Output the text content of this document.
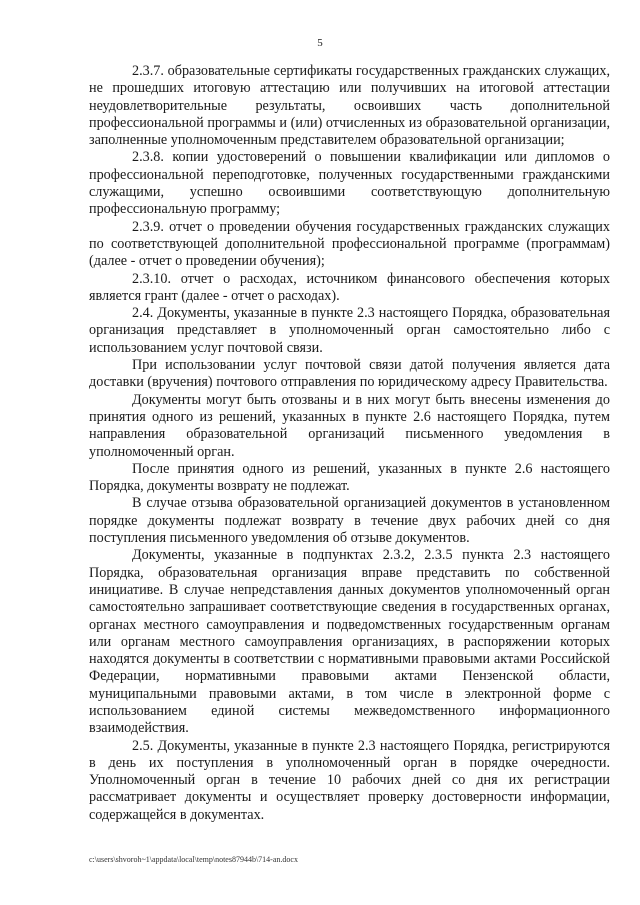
5

2.3.7. образовательные сертификаты государственных гражданских служащих, не прошедших итоговую аттестацию или получивших на итоговой аттестации неудовлетворительные результаты, освоивших часть дополнительной профессиональной программы и (или) отчисленных из образовательной организации, заполненные уполномоченным представителем образовательной организации;

2.3.8. копии удостоверений о повышении квалификации или дипломов о профессиональной переподготовке, полученных государственными гражданскими служащими, успешно освоившими соответствующую дополнительную профессиональную программу;

2.3.9. отчет о проведении обучения государственных гражданских служащих по соответствующей дополнительной профессиональной программе (программам) (далее - отчет о проведении обучения);

2.3.10. отчет о расходах, источником финансового обеспечения которых является грант (далее - отчет о расходах).

2.4. Документы, указанные в пункте 2.3 настоящего Порядка, образовательная организация представляет в уполномоченный орган самостоятельно либо с использованием услуг почтовой связи.

При использовании услуг почтовой связи датой получения является дата доставки (вручения) почтового отправления по юридическому адресу Правительства.

Документы могут быть отозваны и в них могут быть внесены изменения до принятия одного из решений, указанных в пункте 2.6 настоящего Порядка, путем направления образовательной организаций письменного уведомления в уполномоченный орган.

После принятия одного из решений, указанных в пункте 2.6 настоящего Порядка, документы возврату не подлежат.

В случае отзыва образовательной организацией документов в установленном порядке документы подлежат возврату в течение двух рабочих дней со дня поступления письменного уведомления об отзыве документов.

Документы, указанные в подпунктах 2.3.2, 2.3.5 пункта 2.3 настоящего Порядка, образовательная организация вправе представить по собственной инициативе. В случае непредставления данных документов уполномоченный орган самостоятельно запрашивает соответствующие сведения в государственных органах, органах местного самоуправления и подведомственных государственным органам или органам местного самоуправления организациях, в распоряжении которых находятся документы в соответствии с нормативными правовыми актами Российской Федерации, нормативными правовыми актами Пензенской области, муниципальными правовыми актами, в том числе в электронной форме с использованием единой системы межведомственного информационного взаимодействия.

2.5. Документы, указанные в пункте 2.3 настоящего Порядка, регистрируются в день их поступления в уполномоченный орган в порядке очередности. Уполномоченный орган в течение 10 рабочих дней со дня их регистрации рассматривает документы и осуществляет проверку достоверности информации, содержащейся в документах.

c:\users\shvoroh~1\appdata\local\temp\notes87944b\714-an.docx
